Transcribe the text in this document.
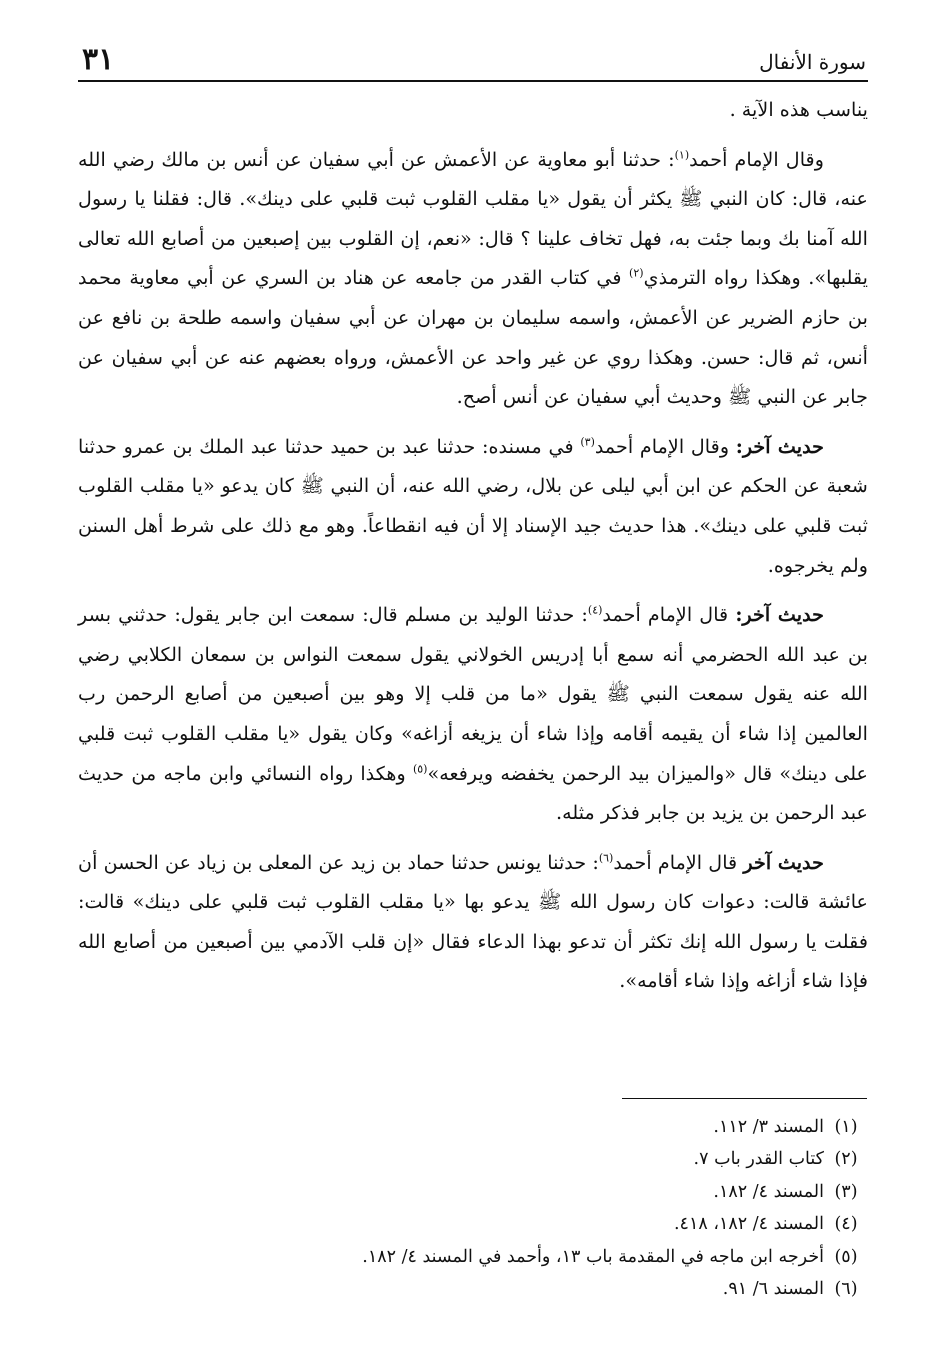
سورة الأنفال
٣١

يناسب هذه الآية .

وقال الإمام أحمد$^{(١)}$: حدثنا أبو معاوية عن الأعمش عن أبي سفيان عن أنس بن مالك رضي الله عنه، قال: كان النبي ﷺ يكثر أن يقول «يا مقلب القلوب ثبت قلبي على دينك». قال: فقلنا يا رسول الله آمنا بك وبما جئت به، فهل تخاف علينا ؟ قال: «نعم، إن القلوب بين إصبعين من أصابع الله تعالى يقلبها». وهكذا رواه الترمذي$^{(٢)}$ في كتاب القدر من جامعه عن هناد بن السري عن أبي معاوية محمد بن حازم الضرير عن الأعمش، واسمه سليمان بن مهران عن أبي سفيان واسمه طلحة بن نافع عن أنس، ثم قال: حسن. وهكذا روي عن غير واحد عن الأعمش، ورواه بعضهم عنه عن أبي سفيان عن جابر عن النبي ﷺ وحديث أبي سفيان عن أنس أصح.

حديث آخر: وقال الإمام أحمد$^{(٣)}$ في مسنده: حدثنا عبد بن حميد حدثنا عبد الملك بن عمرو حدثنا شعبة عن الحكم عن ابن أبي ليلى عن بلال، رضي الله عنه، أن النبي ﷺ كان يدعو «يا مقلب القلوب ثبت قلبي على دينك». هذا حديث جيد الإسناد إلا أن فيه انقطاعاً. وهو مع ذلك على شرط أهل السنن ولم يخرجوه.

حديث آخر: قال الإمام أحمد$^{(٤)}$: حدثنا الوليد بن مسلم قال: سمعت ابن جابر يقول: حدثني بسر بن عبد الله الحضرمي أنه سمع أبا إدريس الخولاني يقول سمعت النواس بن سمعان الكلابي رضي الله عنه يقول سمعت النبي ﷺ يقول «ما من قلب إلا وهو بين أصبعين من أصابع الرحمن رب العالمين إذا شاء أن يقيمه أقامه وإذا شاء أن يزيغه أزاغه» وكان يقول «يا مقلب القلوب ثبت قلبي على دينك» قال «والميزان بيد الرحمن يخفضه ويرفعه»$^{(٥)}$ وهكذا رواه النسائي وابن ماجه من حديث عبد الرحمن بن يزيد بن جابر فذكر مثله.

حديث آخر قال الإمام أحمد$^{(٦)}$: حدثنا يونس حدثنا حماد بن زيد عن المعلى بن زياد عن الحسن أن عائشة قالت: دعوات كان رسول الله ﷺ يدعو بها «يا مقلب القلوب ثبت قلبي على دينك» قالت: فقلت يا رسول الله إنك تكثر أن تدعو بهذا الدعاء فقال «إن قلب الآدمي بين أصبعين من أصابع الله فإذا شاء أزاغه وإذا شاء أقامه».

(١)
المسند ٣/ ١١٢.
(٢)
كتاب القدر باب ٧.
(٣)
المسند ٤/ ١٨٢.
(٤)
المسند ٤/ ١٨٢، ٤١٨.
(٥)
أخرجه ابن ماجه في المقدمة باب ١٣، وأحمد في المسند ٤/ ١٨٢.
(٦)
المسند ٦/ ٩١.
